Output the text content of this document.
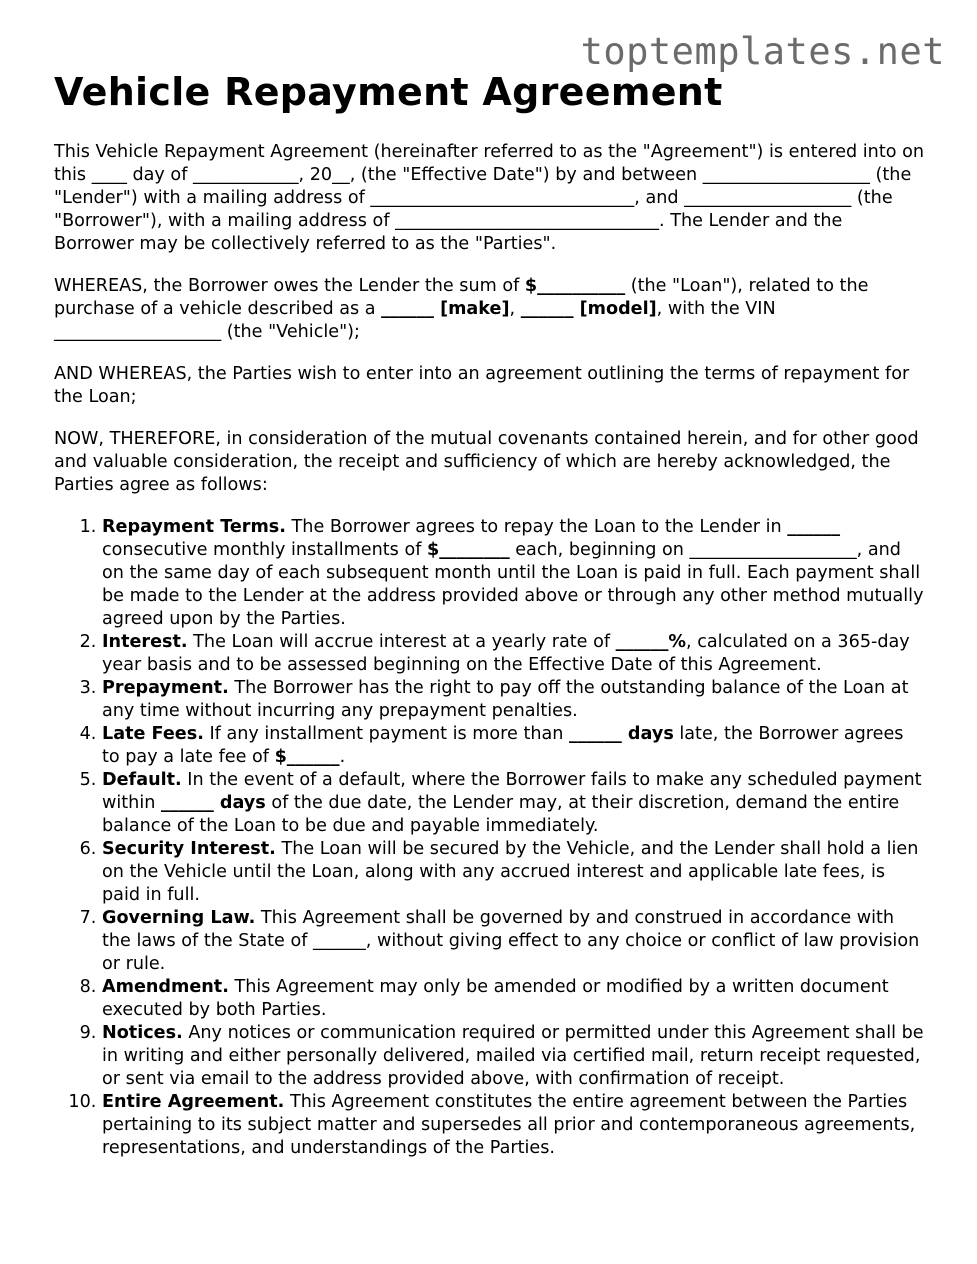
toptemplates.net
Vehicle Repayment Agreement

This Vehicle Repayment Agreement (hereinafter referred to as the "Agreement") is entered into on this ____ day of ____________, 20__, (the "Effective Date") by and between ___________________ (the "Lender") with a mailing address of ______________________________, and ___________________ (the "Borrower"), with a mailing address of ______________________________. The Lender and the Borrower may be collectively referred to as the "Parties".

WHEREAS, the Borrower owes the Lender the sum of $__________ (the "Loan"), related to the purchase of a vehicle described as a ______ [make], ______ [model], with the VIN ___________________ (the "Vehicle");

AND WHEREAS, the Parties wish to enter into an agreement outlining the terms of repayment for the Loan;

NOW, THEREFORE, in consideration of the mutual covenants contained herein, and for other good and valuable consideration, the receipt and sufficiency of which are hereby acknowledged, the Parties agree as follows:

1. Repayment Terms. The Borrower agrees to repay the Loan to the Lender in ______ consecutive monthly installments of $________ each, beginning on ___________________, and on the same day of each subsequent month until the Loan is paid in full. Each payment shall be made to the Lender at the address provided above or through any other method mutually agreed upon by the Parties.
2. Interest. The Loan will accrue interest at a yearly rate of ______%, calculated on a 365-day year basis and to be assessed beginning on the Effective Date of this Agreement.
3. Prepayment. The Borrower has the right to pay off the outstanding balance of the Loan at any time without incurring any prepayment penalties.
4. Late Fees. If any installment payment is more than ______ days late, the Borrower agrees to pay a late fee of $______.
5. Default. In the event of a default, where the Borrower fails to make any scheduled payment within ______ days of the due date, the Lender may, at their discretion, demand the entire balance of the Loan to be due and payable immediately.
6. Security Interest. The Loan will be secured by the Vehicle, and the Lender shall hold a lien on the Vehicle until the Loan, along with any accrued interest and applicable late fees, is paid in full.
7. Governing Law. This Agreement shall be governed by and construed in accordance with the laws of the State of ______, without giving effect to any choice or conflict of law provision or rule.
8. Amendment. This Agreement may only be amended or modified by a written document executed by both Parties.
9. Notices. Any notices or communication required or permitted under this Agreement shall be in writing and either personally delivered, mailed via certified mail, return receipt requested, or sent via email to the address provided above, with confirmation of receipt.
10. Entire Agreement. This Agreement constitutes the entire agreement between the Parties pertaining to its subject matter and supersedes all prior and contemporaneous agreements, representations, and understandings of the Parties.
